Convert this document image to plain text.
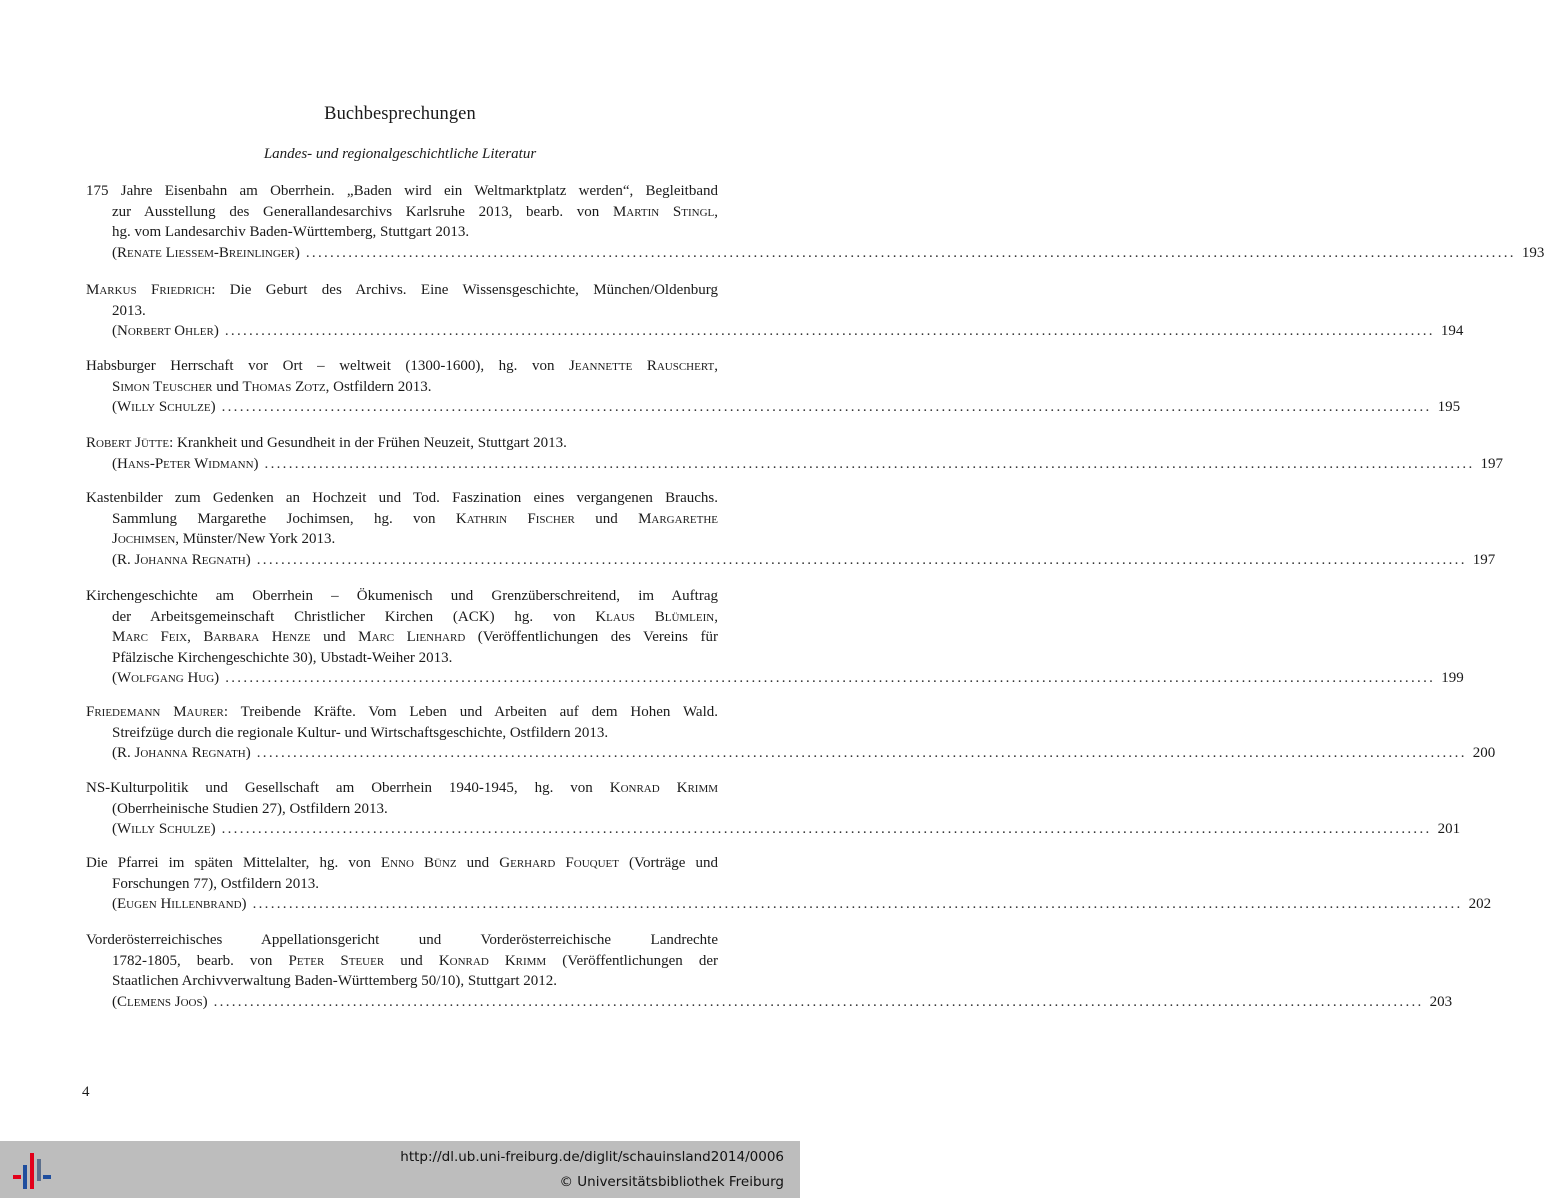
Buchbesprechungen
Landes- und regionalgeschichtliche Literatur
175 Jahre Eisenbahn am Oberrhein. „Baden wird ein Weltmarktplatz werden“, Begleitband
zur Ausstellung des Generallandesarchivs Karlsruhe 2013, bearb. von Martin Stingl,
hg. vom Landesarchiv Baden-Württemberg, Stuttgart 2013.
(Renate Liessem-Breinlinger) ........................................................................................................................................................................................................ 193
Markus Friedrich: Die Geburt des Archivs. Eine Wissensgeschichte, München/Oldenburg
2013.
(Norbert Ohler) ........................................................................................................................................................................................................ 194
Habsburger Herrschaft vor Ort – weltweit (1300-1600), hg. von Jeannette Rauschert,
Simon Teuscher und Thomas Zotz, Ostfildern 2013.
(Willy Schulze) ........................................................................................................................................................................................................ 195
Robert Jütte: Krankheit und Gesundheit in der Frühen Neuzeit, Stuttgart 2013.
(Hans-Peter Widmann) ........................................................................................................................................................................................................ 197
Kastenbilder zum Gedenken an Hochzeit und Tod. Faszination eines vergangenen Brauchs.
Sammlung Margarethe Jochimsen, hg. von Kathrin Fischer und Margarethe
Jochimsen, Münster/New York 2013.
(R. Johanna Regnath) ........................................................................................................................................................................................................ 197
Kirchengeschichte am Oberrhein – Ökumenisch und Grenzüberschreitend, im Auftrag
der Arbeitsgemeinschaft Christlicher Kirchen (ACK) hg. von Klaus Blümlein,
Marc Feix, Barbara Henze und Marc Lienhard (Veröffentlichungen des Vereins für
Pfälzische Kirchengeschichte 30), Ubstadt-Weiher 2013.
(Wolfgang Hug) ........................................................................................................................................................................................................ 199
Friedemann Maurer: Treibende Kräfte. Vom Leben und Arbeiten auf dem Hohen Wald.
Streifzüge durch die regionale Kultur- und Wirtschaftsgeschichte, Ostfildern 2013.
(R. Johanna Regnath) ........................................................................................................................................................................................................ 200
NS-Kulturpolitik und Gesellschaft am Oberrhein 1940-1945, hg. von Konrad Krimm
(Oberrheinische Studien 27), Ostfildern 2013.
(Willy Schulze) ........................................................................................................................................................................................................ 201
Die Pfarrei im späten Mittelalter, hg. von Enno Bünz und Gerhard Fouquet (Vorträge und
Forschungen 77), Ostfildern 2013.
(Eugen Hillenbrand) ........................................................................................................................................................................................................ 202
Vorderösterreichisches Appellationsgericht und Vorderösterreichische Landrechte
1782-1805, bearb. von Peter Steuer und Konrad Krimm (Veröffentlichungen der
Staatlichen Archivverwaltung Baden-Württemberg 50/10), Stuttgart 2012.
(Clemens Joos) ........................................................................................................................................................................................................ 203
4
http://dl.ub.uni-freiburg.de/diglit/schauinsland2014/0006
© Universitätsbibliothek Freiburg
